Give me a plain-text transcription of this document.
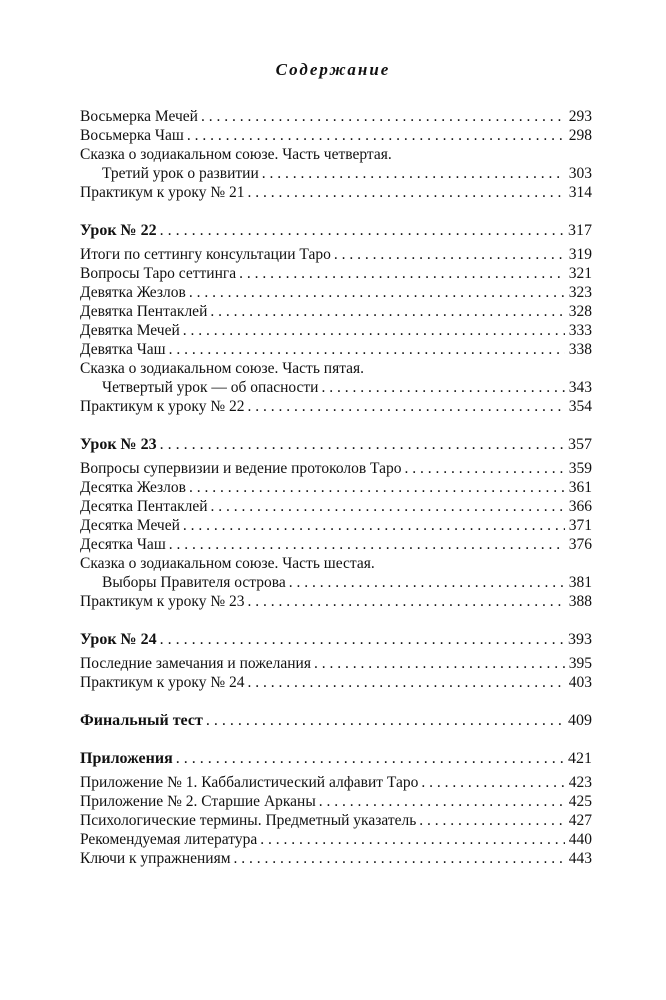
Содержание
Восьмерка Мечей . . .	293
Восьмерка Чаш . . .	298
Сказка о зодиакальном союзе. Часть четвертая.
Третий урок о развитии . . .	303
Практикум к уроку № 21 . . .	314
Урок № 22 . . .	317
Итоги по сеттингу консультации Таро . . .	319
Вопросы Таро сеттинга . . .	321
Девятка Жезлов . . .	323
Девятка Пентаклей . . .	328
Девятка Мечей . . .	333
Девятка Чаш . . .	338
Сказка о зодиакальном союзе. Часть пятая.
Четвертый урок — об опасности . . .	343
Практикум к уроку № 22 . . .	354
Урок № 23 . . .	357
Вопросы супервизии и ведение протоколов Таро . . .	359
Десятка Жезлов . . .	361
Десятка Пентаклей . . .	366
Десятка Мечей . . .	371
Десятка Чаш . . .	376
Сказка о зодиакальном союзе. Часть шестая.
Выборы Правителя острова . . .	381
Практикум к уроку № 23 . . .	388
Урок № 24 . . .	393
Последние замечания и пожелания . . .	395
Практикум к уроку № 24 . . .	403
Финальный тест . . .	409
Приложения . . .	421
Приложение № 1. Каббалистический алфавит Таро . . .	423
Приложение № 2. Старшие Арканы . . .	425
Психологические термины. Предметный указатель . . .	427
Рекомендуемая литература . . .	440
Ключи к упражнениям . . .	443
